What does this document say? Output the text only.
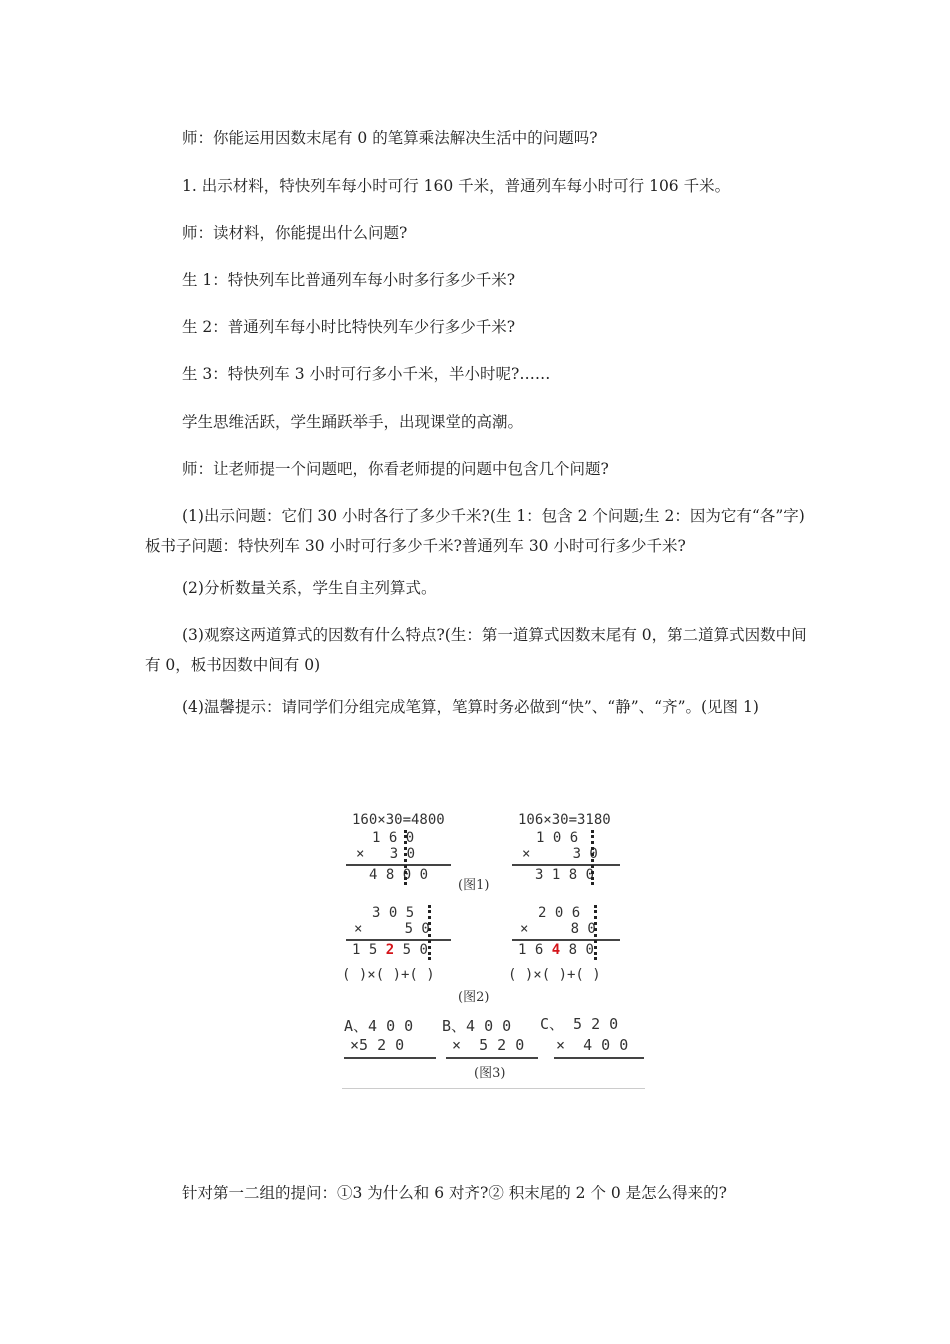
师：你能运用因数末尾有 0 的笔算乘法解决生活中的问题吗?

1. 出示材料，特快列车每小时可行 160 千米，普通列车每小时可行 106 千米。

师：读材料，你能提出什么问题?

生 1：特快列车比普通列车每小时多行多少千米?

生 2：普通列车每小时比特快列车少行多少千米?

生 3：特快列车 3 小时可行多小千米，半小时呢?……

学生思维活跃，学生踊跃举手，出现课堂的高潮。

师：让老师提一个问题吧，你看老师提的问题中包含几个问题?

(1)出示问题：它们 30 小时各行了多少千米?(生 1：包含 2 个问题;生 2：因为它有“各”字)板书子问题：特快列车 30 小时可行多少千米?普通列车 30 小时可行多少千米?

(2)分析数量关系，学生自主列算式。

(3)观察这两道算式的因数有什么特点?(生：第一道算式因数末尾有 0，第二道算式因数中间有 0，板书因数中间有 0)

(4)温馨提示：请同学们分组完成笔算，笔算时务必做到“快”、“静”、“齐”。(见图 1)

160×30=4800
1 6 0
×   3 0
4 8 0 0
106×30=3180
1 0 6
×     3 0
3 1 8 0
(图1)
3 0 5
×     5 0
1 5 2 5 0
( )×( )+( )
2 0 6
×     8 0
1 6 4 8 0
( )×( )+( )
(图2)
A、4 0 0
×5 2 0
B、4 0 0
×  5 2 0
C、 5 2 0
×  4 0 0
(图3)

针对第一二组的提问：①3 为什么和 6 对齐?② 积末尾的 2 个 0 是怎么得来的?
